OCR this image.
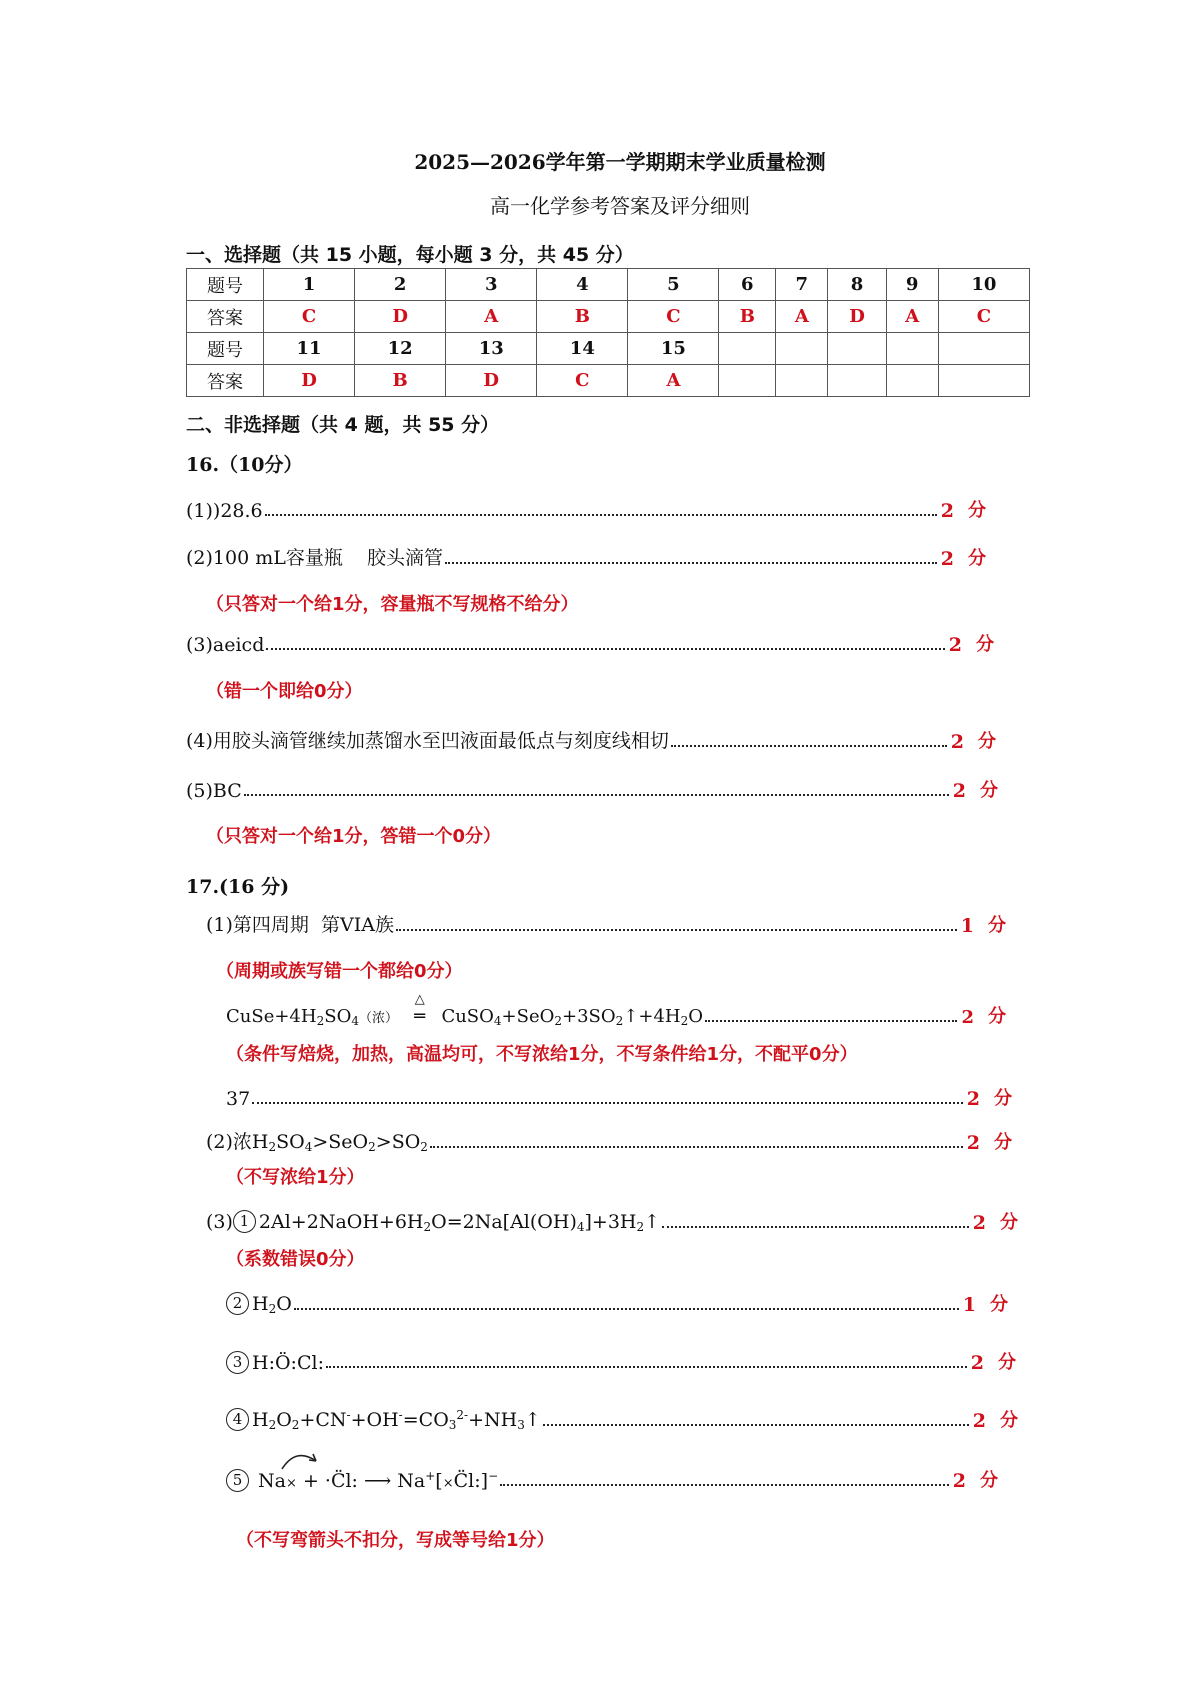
2025—2026学年第一学期期末学业质量检测
高一化学参考答案及评分细则
一、选择题（共 15 小题，每小题 3 分，共 45 分）
题号	1	2	3	4	5	6	7	8	9	10
答案	C	D	A	B	C	B	A	D	A	C
题号	11	12	13	14	15					
答案	D	B	D	C	A					
二、非选择题（共 4 题，共 55 分）
16.（10分）
(1))28.6	2 分
(2)100 mL容量瓶    胶头滴管	2 分
（只答对一个给1分，容量瓶不写规格不给分）
(3)aeicd	2 分
（错一个即给0分）
(4)用胶头滴管继续加蒸馏水至凹液面最低点与刻度线相切	2 分
(5)BC	2 分
（只答对一个给1分，答错一个0分）
17.(16 分)
(1)第四周期  第VIA族	1 分
（周期或族写错一个都给0分）
$CuSe+4H_2SO_4$（浓）
△
═ $CuSO_4+SeO_2+3SO_2↑+4H_2O$	2 分
（条件写焙烧，加热，高温均可，不写浓给1分，不写条件给1分，不配平0分）
37	2 分
(2)浓$H_2SO_4>SeO_2>SO_2$	2 分
（不写浓给1分）
(3) 1 $2Al+2NaOH+6H_2O=2Na[Al(OH)_4]+3H_2↑$	2 分
（系数错误0分）
2 $H_2O$	1 分
3 H:Ö:Cl:	2 分
4 $H_2O_2+CN^-+OH^-=CO_3^{2-}+NH_3↑$	2 分
5 Na× + ·C̈l: ⟶ Na+[×C̈l:]−	2 分
（不写弯箭头不扣分，写成等号给1分）
